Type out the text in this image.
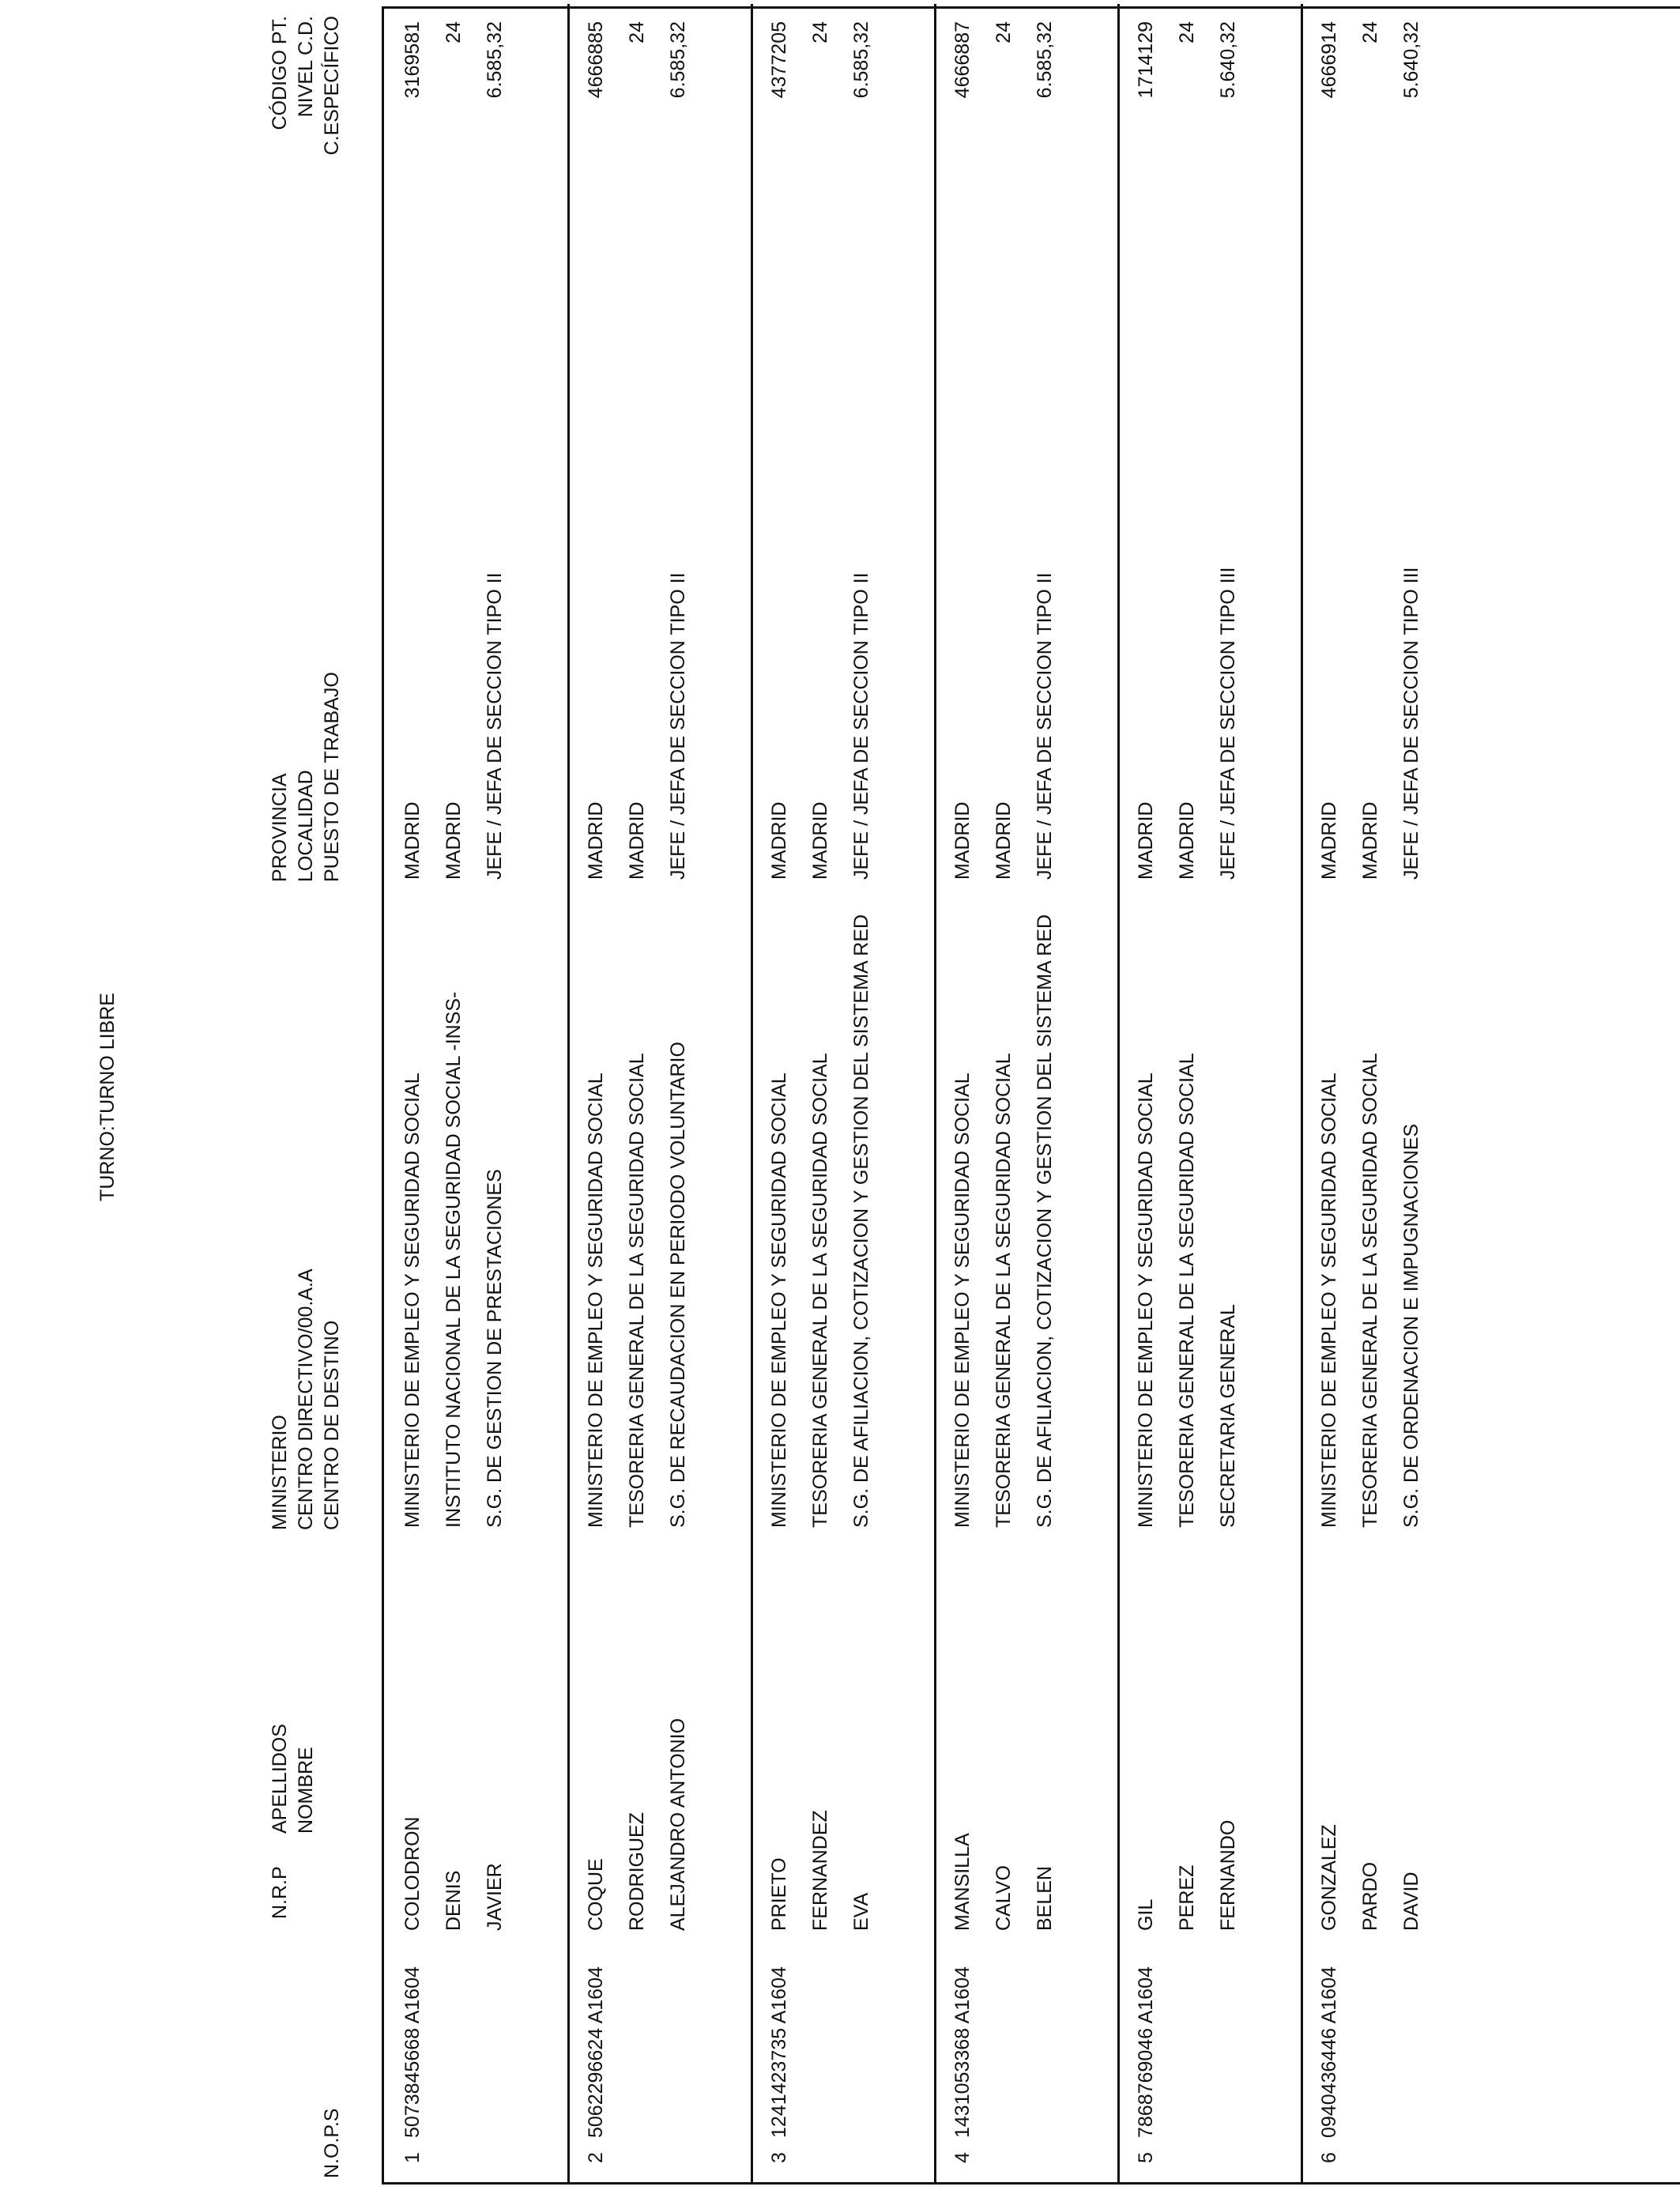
TURNO:TURNO LIBRE
N.O.P.S
N.R.P
APELLIDOS NOMBRE
MINISTERIO CENTRO DIRECTIVO/00.A.A CENTRO DE DESTINO
PROVINCIA LOCALIDAD PUESTO DE TRABAJO
CÓDIGO PT. NIVEL C.D. C.ESPECÍFICO
1
5073845668 A1604
COLODRON DENIS JAVIER
MINISTERIO DE EMPLEO Y SEGURIDAD SOCIAL INSTITUTO NACIONAL DE LA SEGURIDAD SOCIAL -INSS- S.G. DE GESTION DE PRESTACIONES
MADRID MADRID JEFE / JEFA DE SECCION TIPO II
3169581 24 6.585,32
2
5062296624 A1604
COQUE RODRIGUEZ ALEJANDRO ANTONIO
MINISTERIO DE EMPLEO Y SEGURIDAD SOCIAL TESORERIA GENERAL DE LA SEGURIDAD SOCIAL S.G. DE RECAUDACION EN PERIODO VOLUNTARIO
MADRID MADRID JEFE / JEFA DE SECCION TIPO II
4666885 24 6.585,32
3
1241423735 A1604
PRIETO FERNANDEZ EVA
MINISTERIO DE EMPLEO Y SEGURIDAD SOCIAL TESORERIA GENERAL DE LA SEGURIDAD SOCIAL S.G. DE AFILIACION, COTIZACION Y GESTION DEL SISTEMA RED
MADRID MADRID JEFE / JEFA DE SECCION TIPO II
4377205 24 6.585,32
4
1431053368 A1604
MANSILLA CALVO BELEN
MINISTERIO DE EMPLEO Y SEGURIDAD SOCIAL TESORERIA GENERAL DE LA SEGURIDAD SOCIAL S.G. DE AFILIACION, COTIZACION Y GESTION DEL SISTEMA RED
MADRID MADRID JEFE / JEFA DE SECCION TIPO II
4666887 24 6.585,32
5
7868769046 A1604
GIL PEREZ FERNANDO
MINISTERIO DE EMPLEO Y SEGURIDAD SOCIAL TESORERIA GENERAL DE LA SEGURIDAD SOCIAL SECRETARIA GENERAL
MADRID MADRID JEFE / JEFA DE SECCION TIPO III
1714129 24 5.640,32
6
0940436446 A1604
GONZALEZ PARDO DAVID
MINISTERIO DE EMPLEO Y SEGURIDAD SOCIAL TESORERIA GENERAL DE LA SEGURIDAD SOCIAL S.G. DE ORDENACION E IMPUGNACIONES
MADRID MADRID JEFE / JEFA DE SECCION TIPO III
4666914 24 5.640,32
